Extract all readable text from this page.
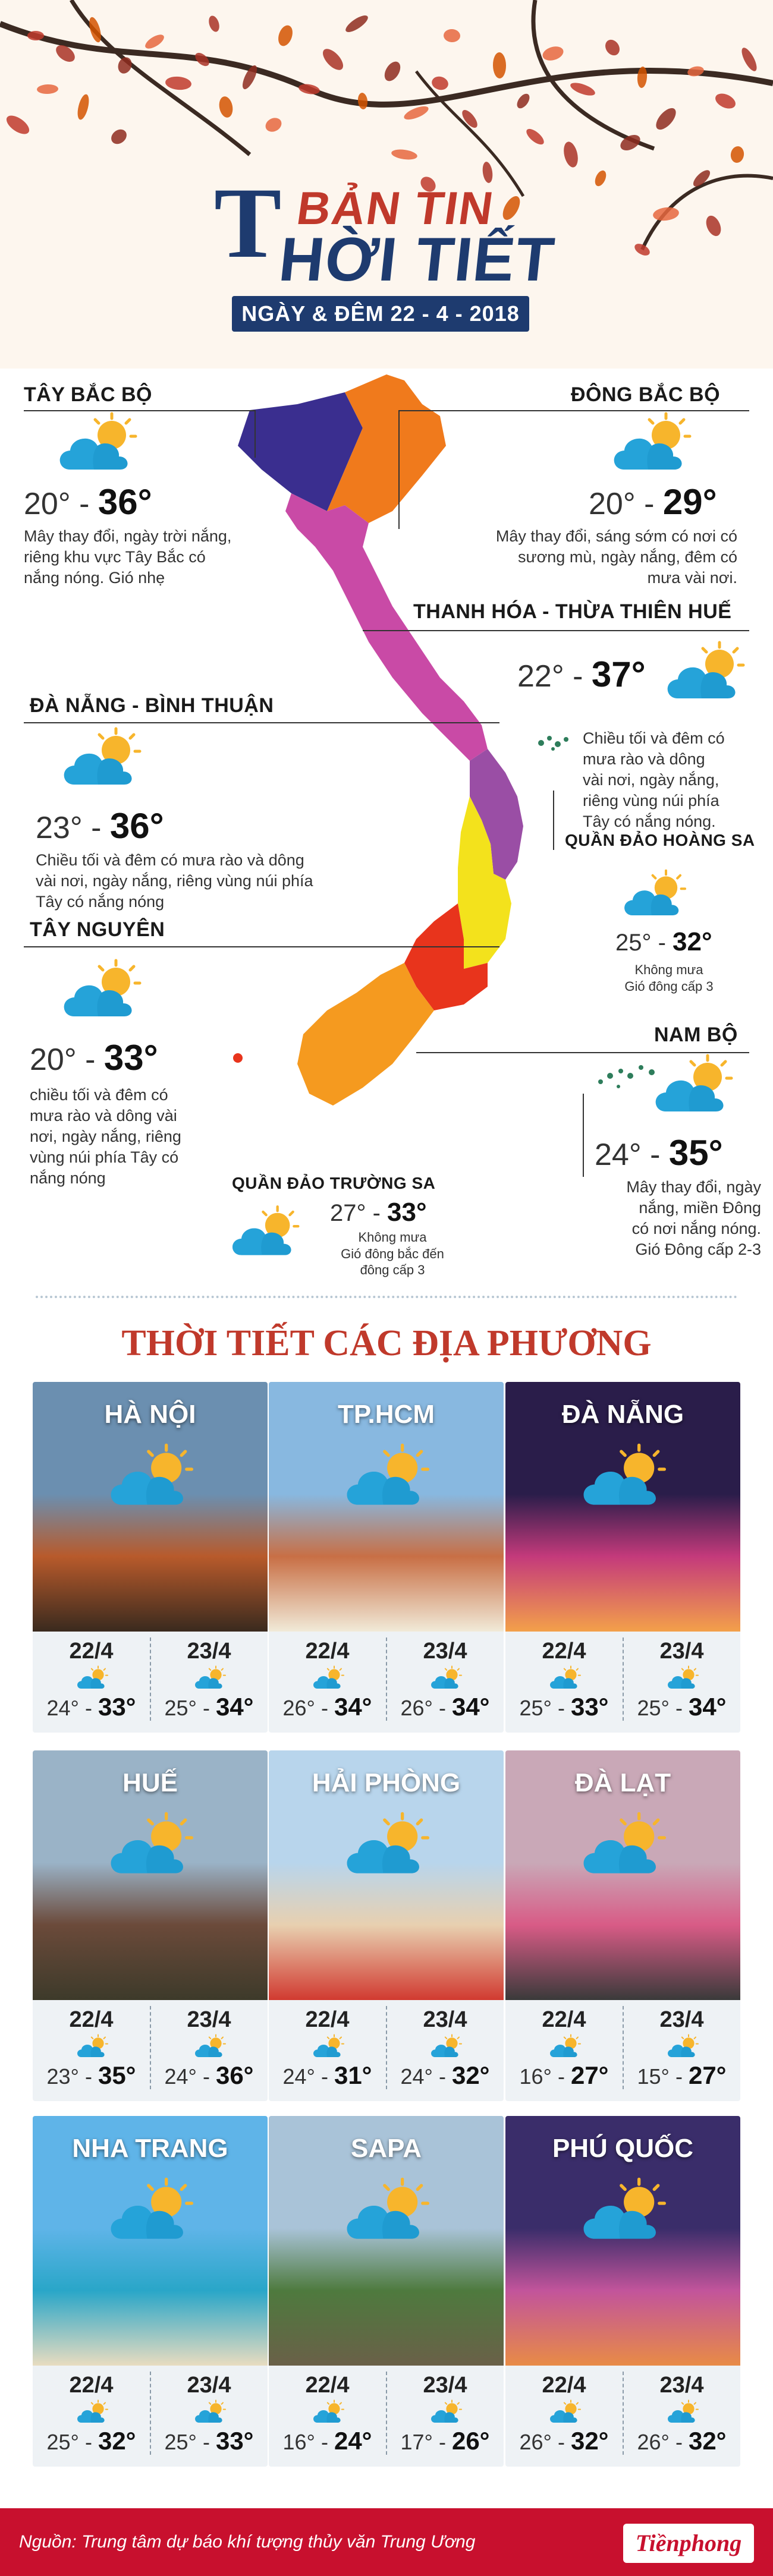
T BẢN TIN
HỜI TIẾT
NGÀY & ĐÊM 22 - 4 - 2018
TÂY BẮC BỘ
20° - 36°
Mây thay đổi, ngày trời nắng,
riêng khu vực Tây Bắc có
nắng nóng. Gió nhẹ
ĐÔNG BẮC BỘ
20° - 29°
Mây thay đổi, sáng sớm có nơi có
sương mù, ngày nắng, đêm có
mưa vài nơi.
THANH HÓA - THỪA THIÊN HUẾ
22° - 37°
Chiều tối và đêm có
mưa rào và dông
vài nơi, ngày nắng,
riêng vùng núi phía
Tây có nắng nóng.
ĐÀ NẴNG - BÌNH THUẬN
23° - 36°
Chiều tối và đêm có mưa rào và dông
vài nơi, ngày nắng, riêng vùng núi phía
Tây có nắng nóng
QUẦN ĐẢO HOÀNG SA
25° - 32°
Không mưa
Gió đông cấp 3
TÂY NGUYÊN
20° - 33°
chiều tối và đêm có
mưa rào và dông vài
nơi, ngày nắng, riêng
vùng núi phía Tây có
nắng nóng
NAM BỘ
24° - 35°
Mây thay đổi, ngày
nắng, miền Đông
có nơi nắng nóng.
Gió Đông cấp 2-3
QUẦN ĐẢO TRƯỜNG SA
27° - 33°
Không mưa
Gió đông bắc đến
đông cấp 3
THỜI TIẾT CÁC ĐỊA PHƯƠNG
HÀ NỘI
22/4
24° - 33°
23/4
25° - 34°
TP.HCM
22/4
26° - 34°
23/4
26° - 34°
ĐÀ NẴNG
22/4
25° - 33°
23/4
25° - 34°
HUẾ
22/4
23° - 35°
23/4
24° - 36°
HẢI PHÒNG
22/4
24° - 31°
23/4
24° - 32°
ĐÀ LẠT
22/4
16° - 27°
23/4
15° - 27°
NHA TRANG
22/4
25° - 32°
23/4
25° - 33°
SAPA
22/4
16° - 24°
23/4
17° - 26°
PHÚ QUỐC
22/4
26° - 32°
23/4
26° - 32°
Nguồn: Trung tâm dự báo khí tượng thủy văn Trung Ương	Tiềnphong
